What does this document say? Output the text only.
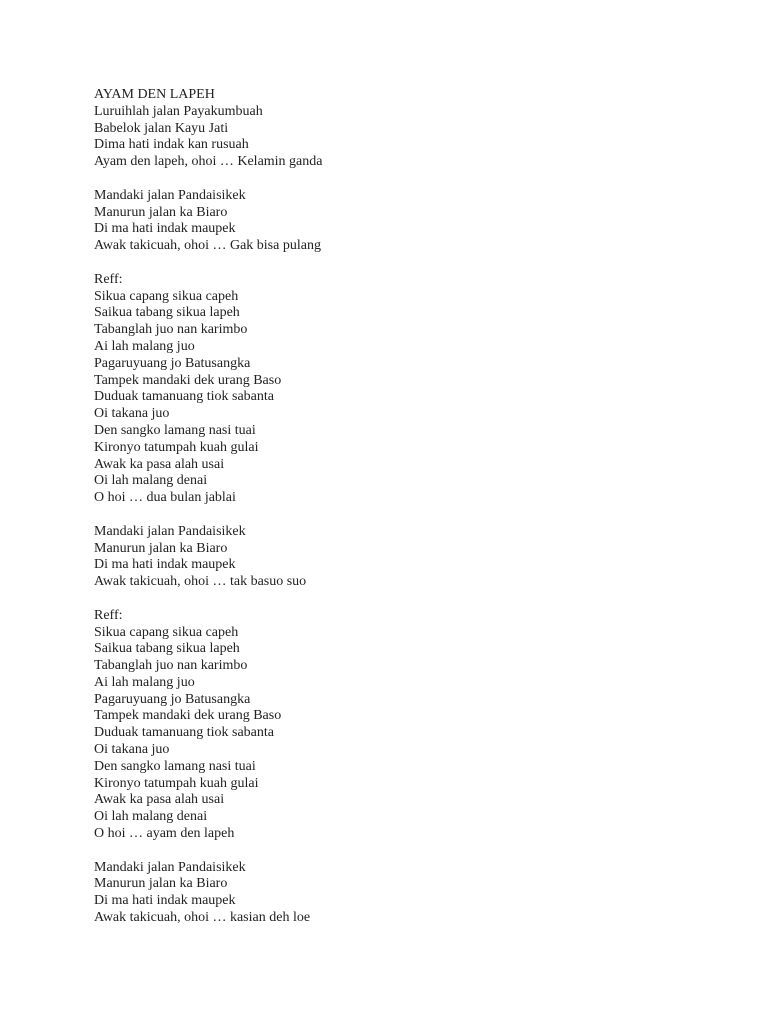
AYAM DEN LAPEH
Luruihlah jalan Payakumbuah
Babelok jalan Kayu Jati
Dima hati indak kan rusuah
Ayam den lapeh, ohoi … Kelamin ganda
Mandaki jalan Pandaisikek
Manurun jalan ka Biaro
Di ma hati indak maupek
Awak takicuah, ohoi … Gak bisa pulang
Reff:
Sikua capang sikua capeh
Saikua tabang sikua lapeh
Tabanglah juo nan karimbo
Ai lah malang juo
Pagaruyuang jo Batusangka
Tampek mandaki dek urang Baso
Duduak tamanuang tiok sabanta
Oi takana juo
Den sangko lamang nasi tuai
Kironyo tatumpah kuah gulai
Awak ka pasa alah usai
Oi lah malang denai
O hoi … dua bulan jablai
Mandaki jalan Pandaisikek
Manurun jalan ka Biaro
Di ma hati indak maupek
Awak takicuah, ohoi … tak basuo suo
Reff:
Sikua capang sikua capeh
Saikua tabang sikua lapeh
Tabanglah juo nan karimbo
Ai lah malang juo
Pagaruyuang jo Batusangka
Tampek mandaki dek urang Baso
Duduak tamanuang tiok sabanta
Oi takana juo
Den sangko lamang nasi tuai
Kironyo tatumpah kuah gulai
Awak ka pasa alah usai
Oi lah malang denai
O hoi … ayam den lapeh
Mandaki jalan Pandaisikek
Manurun jalan ka Biaro
Di ma hati indak maupek
Awak takicuah, ohoi … kasian deh loe
